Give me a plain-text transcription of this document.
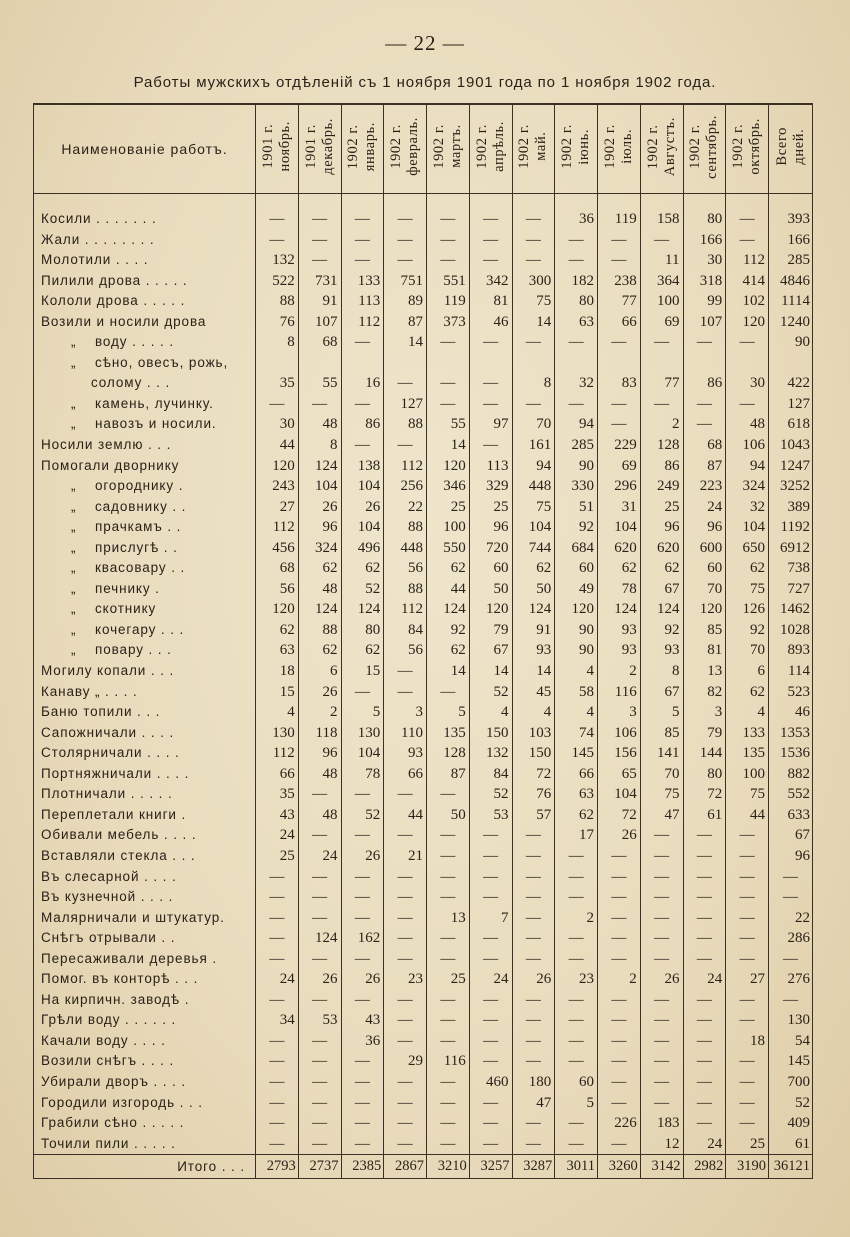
— 22 —
Работы мужскихъ отдѣленій съ 1 ноября 1901 года по 1 ноября 1902 года.
Наименованіе работъ.	1901 г. ноябрь.	1901 г. декабрь.	1902 г. январь.	1902 г. февраль.	1902 г. мартъ.	1902 г. апрѣль.	1902 г. май.	1902 г. іюнь.	1902 г. іюль.	1902 г. Августъ.	1902 г. сентябрь.	1902 г. октябрь.	Всего дней.

Косили . . . . . . .	—	—	—	—	—	—	—	36	119	158	80	—	393

Жали . . . . . . . .	—	—	—	—	—	—	—	—	—	—	166	—	166

Молотили . . . .	132	—	—	—	—	—	—	—	—	11	30	112	285

Пилили дрова . . . . .	522	731	133	751	551	342	300	182	238	364	318	414	4846

Кололи дрова . . . . .	88	91	113	89	119	81	75	80	77	100	99	102	1114

Возили и носили дрова	76	107	112	87	373	46	14	63	66	69	107	120	1240

„ воду . . . . .	8	68	—	14	—	—	—	—	—	—	—	—	90

„ сѣно, овесъ, рожь,
солому . . .	35	55	16	—	—	—	8	32	83	77	86	30	422

„ камень, лучинку.	—	—	—	127	—	—	—	—	—	—	—	—	127

„ навозъ и носили.	30	48	86	88	55	97	70	94	—	2	—	48	618

Носили землю . . .	44	8	—	—	14	—	161	285	229	128	68	106	1043

Помогали дворнику	120	124	138	112	120	113	94	90	69	86	87	94	1247

„ огороднику .	243	104	104	256	346	329	448	330	296	249	223	324	3252

„ садовнику . .	27	26	26	22	25	25	75	51	31	25	24	32	389

„ прачкамъ . .	112	96	104	88	100	96	104	92	104	96	96	104	1192

„ прислугѣ . .	456	324	496	448	550	720	744	684	620	620	600	650	6912

„ квасовару . .	68	62	62	56	62	60	62	60	62	62	60	62	738

„ печнику .	56	48	52	88	44	50	50	49	78	67	70	75	727

„ скотнику	120	124	124	112	124	120	124	120	124	124	120	126	1462

„ кочегару . . .	62	88	80	84	92	79	91	90	93	92	85	92	1028

„ повару . . .	63	62	62	56	62	67	93	90	93	93	81	70	893

Могилу копали . . .	18	6	15	—	14	14	14	4	2	8	13	6	114

Канаву „ . . . .	15	26	—	—	—	52	45	58	116	67	82	62	523

Баню топили . . .	4	2	5	3	5	4	4	4	3	5	3	4	46

Сапожничали . . . .	130	118	130	110	135	150	103	74	106	85	79	133	1353

Столярничали . . . .	112	96	104	93	128	132	150	145	156	141	144	135	1536

Портняжничали . . . .	66	48	78	66	87	84	72	66	65	70	80	100	882

Плотничали . . . . .	35	—	—	—	—	52	76	63	104	75	72	75	552

Переплетали книги .	43	48	52	44	50	53	57	62	72	47	61	44	633

Обивали мебель . . . .	24	—	—	—	—	—	—	17	26	—	—	—	67

Вставляли стекла . . .	25	24	26	21	—	—	—	—	—	—	—	—	96

Въ слесарной . . . .	—	—	—	—	—	—	—	—	—	—	—	—	—

Въ кузнечной . . . .	—	—	—	—	—	—	—	—	—	—	—	—	—

Малярничали и штукатур.	—	—	—	—	13	7	—	2	—	—	—	—	22

Снѣгъ отрывали . .	—	124	162	—	—	—	—	—	—	—	—	—	286

Пересаживали деревья .	—	—	—	—	—	—	—	—	—	—	—	—	—

Помог. въ конторѣ . . .	24	26	26	23	25	24	26	23	2	26	24	27	276

На кирпичн. заводѣ .	—	—	—	—	—	—	—	—	—	—	—	—	—

Грѣли воду . . . . . .	34	53	43	—	—	—	—	—	—	—	—	—	130

Качали воду . . . .	—	—	36	—	—	—	—	—	—	—	—	18	54

Возили снѣгъ . . . .	—	—	—	29	116	—	—	—	—	—	—	—	145

Убирали дворъ . . . .	—	—	—	—	—	460	180	60	—	—	—	—	700

Городили изгородь . . .	—	—	—	—	—	—	47	5	—	—	—	—	52

Грабили сѣно . . . . .	—	—	—	—	—	—	—	—	226	183	—	—	409

Точили пили . . . . .	—	—	—	—	—	—	—	—	—	12	24	25	61
Итого . . .	2793	2737	2385	2867	3210	3257	3287	3011	3260	3142	2982	3190	36121
